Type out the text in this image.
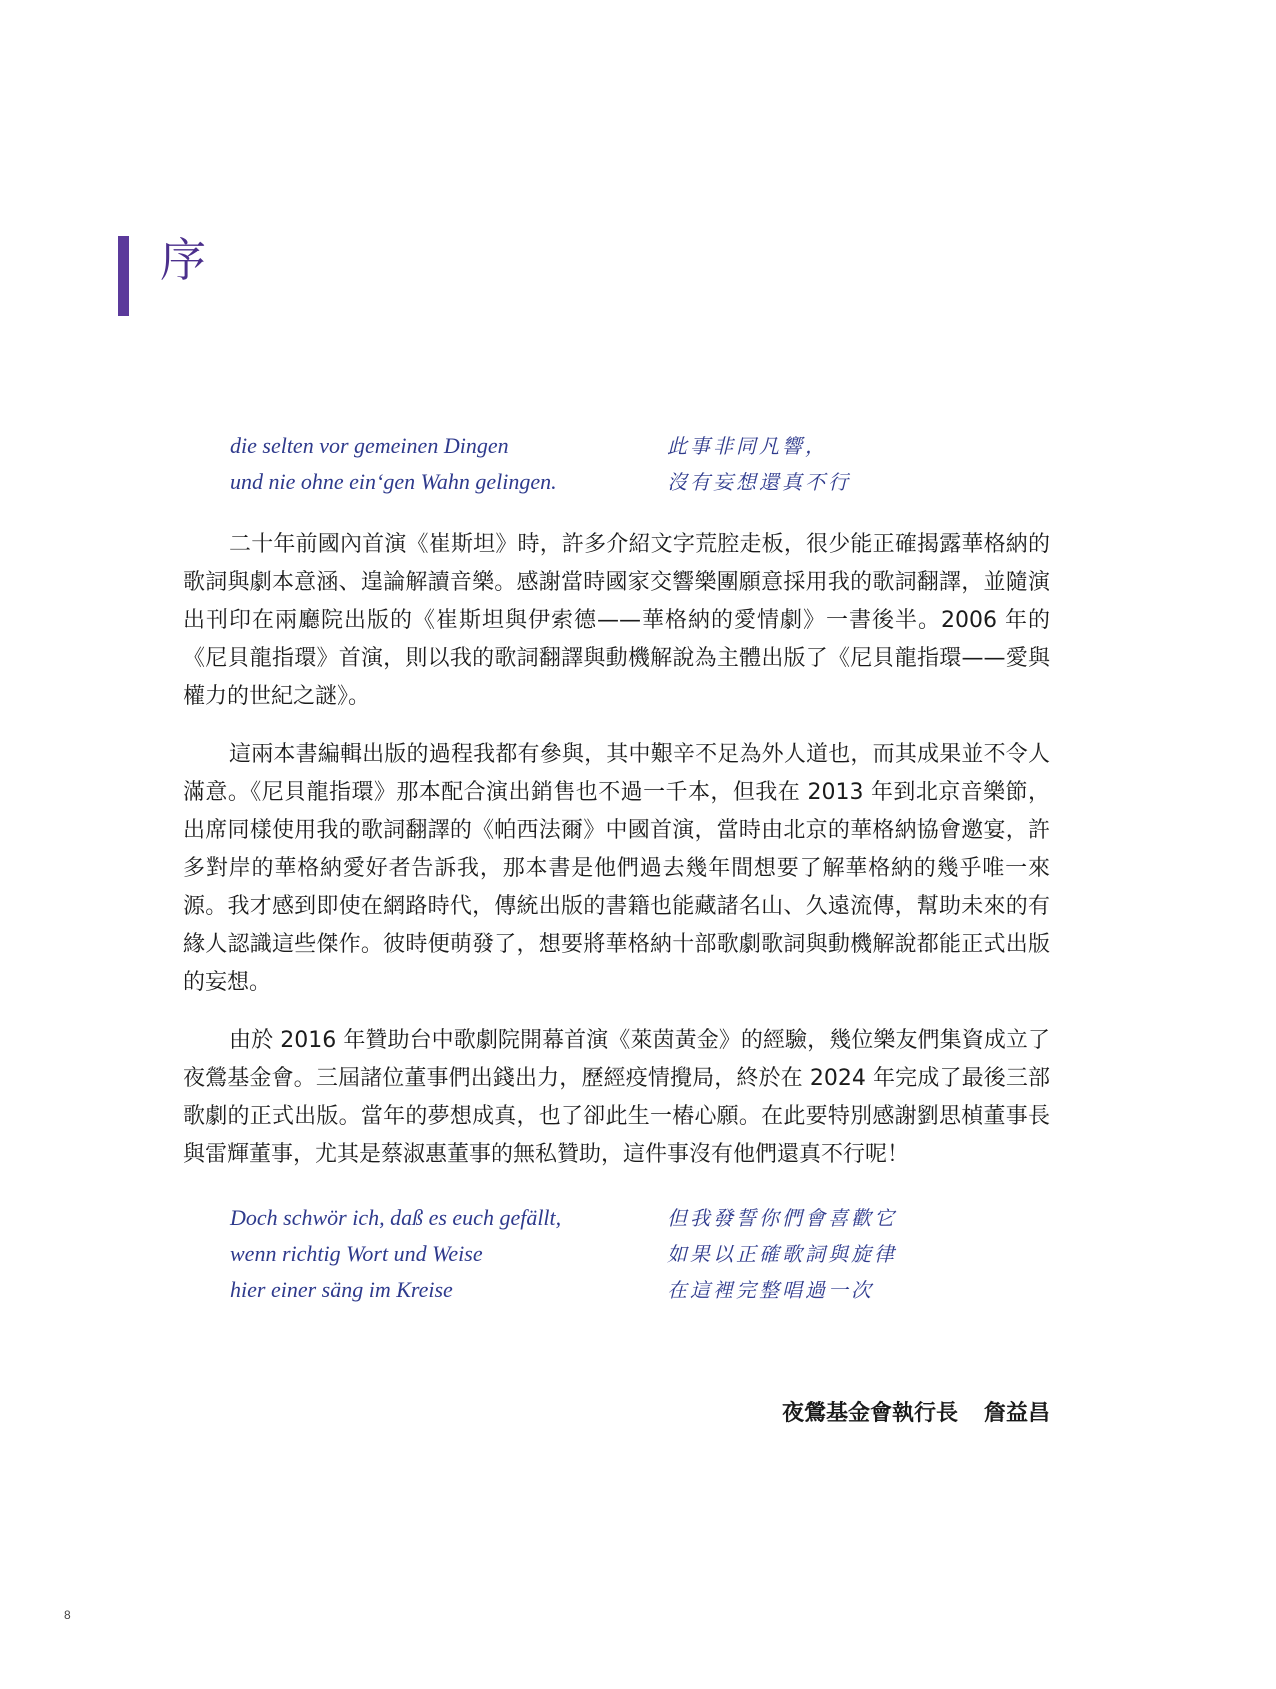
序
die selten vor gemeinen Dingen	此事非同凡響，
und nie ohne ein‘gen Wahn gelingen.	沒有妄想還真不行

二十年前國內首演《崔斯坦》時，許多介紹文字荒腔走板，很少能正確揭露華格納的歌詞與劇本意涵、遑論解讀音樂。感謝當時國家交響樂團願意採用我的歌詞翻譯，並隨演出刊印在兩廳院出版的《崔斯坦與伊索德——華格納的愛情劇》一書後半。2006 年的《尼貝龍指環》首演，則以我的歌詞翻譯與動機解說為主體出版了《尼貝龍指環——愛與權力的世紀之謎》。

這兩本書編輯出版的過程我都有參與，其中艱辛不足為外人道也，而其成果並不令人滿意。《尼貝龍指環》那本配合演出銷售也不過一千本，但我在 2013 年到北京音樂節，出席同樣使用我的歌詞翻譯的《帕西法爾》中國首演，當時由北京的華格納協會邀宴，許多對岸的華格納愛好者告訴我，那本書是他們過去幾年間想要了解華格納的幾乎唯一來源。我才感到即使在網路時代，傳統出版的書籍也能藏諸名山、久遠流傳，幫助未來的有緣人認識這些傑作。彼時便萌發了，想要將華格納十部歌劇歌詞與動機解說都能正式出版的妄想。

由於 2016 年贊助台中歌劇院開幕首演《萊茵黃金》的經驗，幾位樂友們集資成立了夜鶯基金會。三屆諸位董事們出錢出力，歷經疫情攪局，終於在 2024 年完成了最後三部歌劇的正式出版。當年的夢想成真，也了卻此生一樁心願。在此要特別感謝劉思楨董事長與雷輝董事，尤其是蔡淑惠董事的無私贊助，這件事沒有他們還真不行呢！

Doch schwör ich, daß es euch gefällt,	但我發誓你們會喜歡它
wenn richtig Wort und Weise	如果以正確歌詞與旋律
hier einer säng im Kreise	在這裡完整唱過一次
夜鶯基金會執行長 詹益昌
8
